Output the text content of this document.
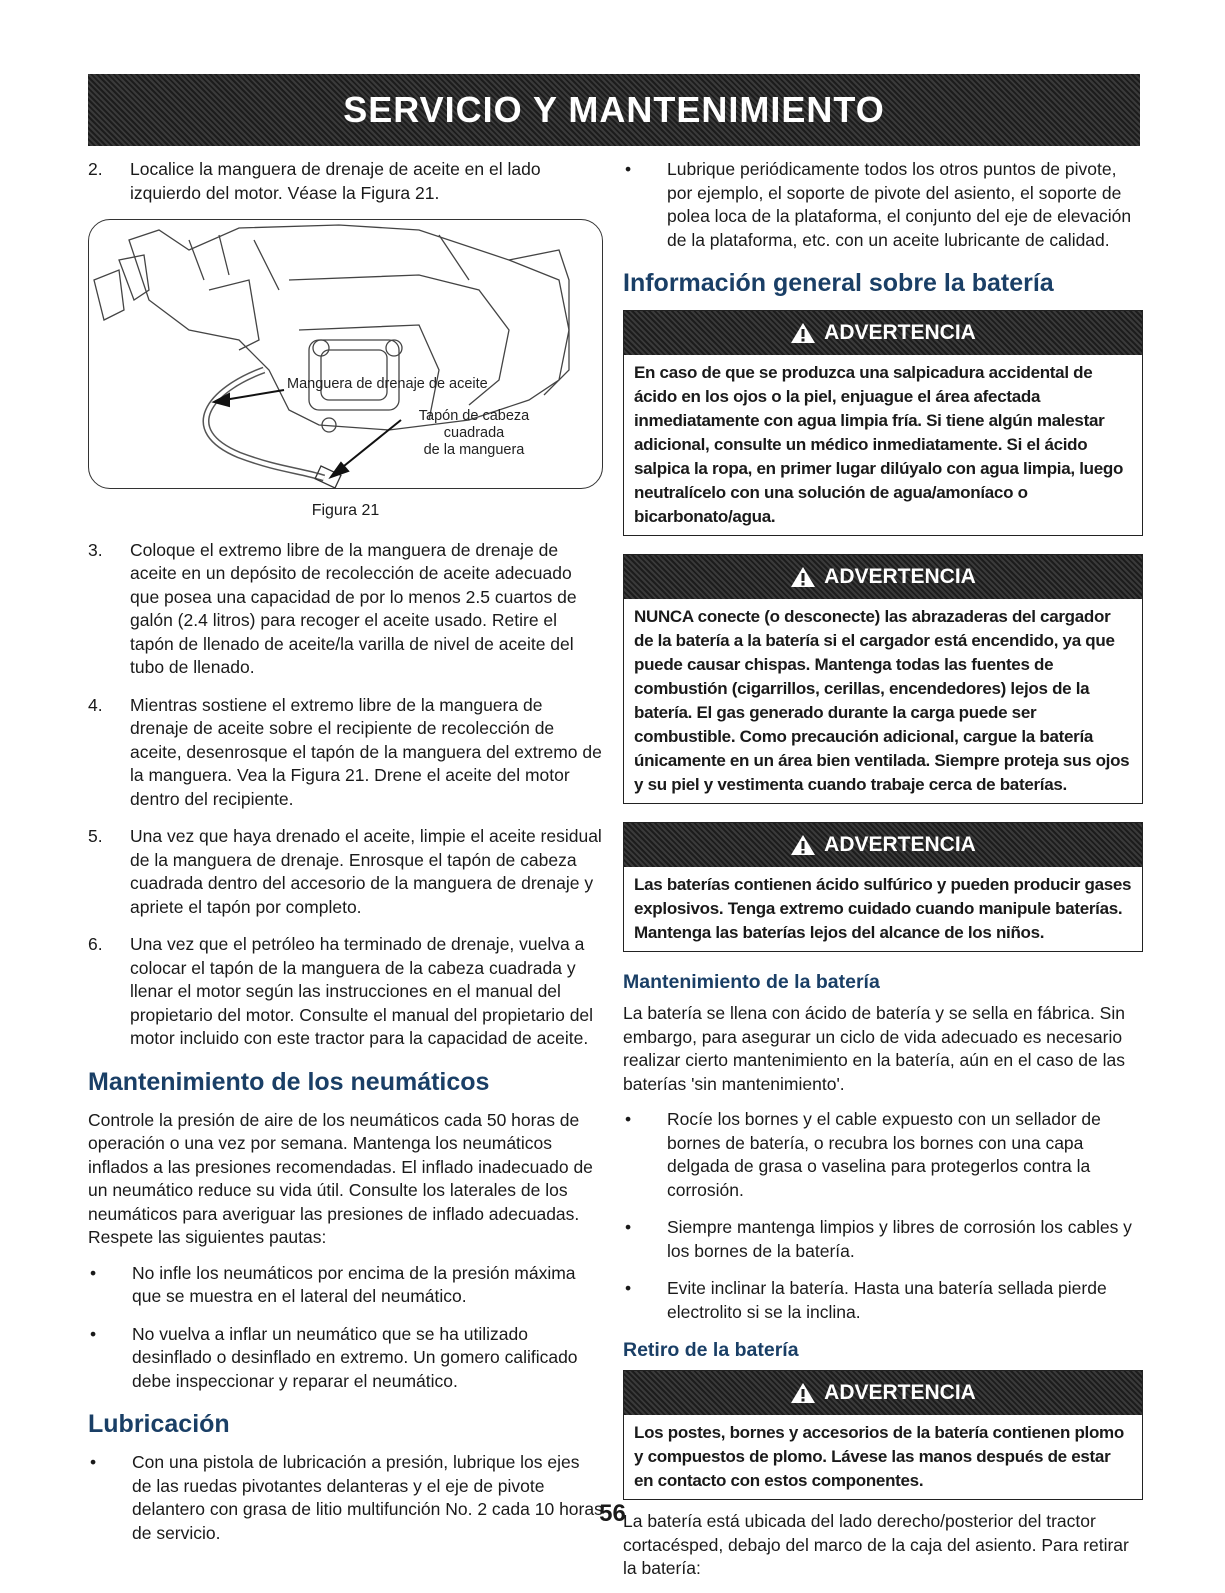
SERVICIO Y MANTENIMIENTO
2.	Localice la manguera de drenaje de aceite en el lado izquierdo del motor. Véase la Figura 21.
Manguera de drenaje de aceite
Tapón de cabeza cuadrada
de la manguera
Figura 21
3.	Coloque el extremo libre de la manguera de drenaje de aceite en un depósito de recolección de aceite adecuado que posea una capacidad de por lo menos 2.5 cuartos de galón (2.4 litros) para recoger el aceite usado. Retire el tapón de llenado de aceite/la varilla de nivel de aceite del tubo de llenado.
4.	Mientras sostiene el extremo libre de la manguera de drenaje de aceite sobre el recipiente de recolección de aceite, desenrosque el tapón de la manguera del extremo de la manguera. Vea la Figura 21. Drene el aceite del motor dentro del recipiente.
5.	Una vez que haya drenado el aceite, limpie el aceite residual de la manguera de drenaje. Enrosque el tapón de cabeza cuadrada dentro del accesorio de la manguera de drenaje y apriete el tapón por completo.
6.	Una vez que el petróleo ha terminado de drenaje, vuelva a colocar el tapón de la manguera de la cabeza cuadrada y llenar el motor según las instrucciones en el manual del propietario del motor. Consulte el manual del propietario del motor incluido con este tractor para la capacidad de aceite.
Mantenimiento de los neumáticos

Controle la presión de aire de los neumáticos cada 50 horas de operación o una vez por semana. Mantenga los neumáticos inflados a las presiones recomendadas. El inflado inadecuado de un neumático reduce su vida útil. Consulte los laterales de los neumáticos para averiguar las presiones de inflado adecuadas. Respete las siguientes pautas:

•	No infle los neumáticos por encima de la presión máxima que se muestra en el lateral del neumático.
•	No vuelva a inflar un neumático que se ha utilizado desinflado o desinflado en extremo. Un gomero calificado debe inspeccionar y reparar el neumático.
Lubricación
•	Con una pistola de lubricación a presión, lubrique los ejes de las ruedas pivotantes delanteras y el eje de pivote delantero con grasa de litio multifunción No. 2 cada 10 horas de servicio.
•	Lubrique periódicamente todos los otros puntos de pivote, por ejemplo, el soporte de pivote del asiento, el soporte de polea loca de la plataforma, el conjunto del eje de elevación de la plataforma, etc. con un aceite lubricante de calidad.
Información general sobre la batería
ADVERTENCIA
En caso de que se produzca una salpicadura accidental de ácido en los ojos o la piel, enjuague el área afectada inmediatamente con agua limpia fría. Si tiene algún malestar adicional, consulte un médico inmediatamente. Si el ácido salpica la ropa, en primer lugar dilúyalo con agua limpia, luego neutralícelo con una solución de agua/amoníaco o bicarbonato/agua.
ADVERTENCIA
NUNCA conecte (o desconecte) las abrazaderas del cargador de la batería a la batería si el cargador está encendido, ya que puede causar chispas. Mantenga todas las fuentes de combustión (cigarrillos, cerillas, encendedores) lejos de la batería. El gas generado durante la carga puede ser combustible. Como precaución adicional, cargue la batería únicamente en un área bien ventilada. Siempre proteja sus ojos y su piel y vestimenta cuando trabaje cerca de baterías.
ADVERTENCIA
Las baterías contienen ácido sulfúrico y pueden producir gases explosivos. Tenga extremo cuidado cuando manipule baterías. Mantenga las baterías lejos del alcance de los niños.
Mantenimiento de la batería

La batería se llena con ácido de batería y se sella en fábrica. Sin embargo, para asegurar un ciclo de vida adecuado es necesario realizar cierto mantenimiento en la batería, aún en el caso de las baterías 'sin mantenimiento'.

•	Rocíe los bornes y el cable expuesto con un sellador de bornes de batería, o recubra los bornes con una capa delgada de grasa o vaselina para protegerlos contra la corrosión.
•	Siempre mantenga limpios y libres de corrosión los cables y los bornes de la batería.
•	Evite inclinar la batería. Hasta una batería sellada pierde electrolito si se la inclina.
Retiro de la batería
ADVERTENCIA
Los postes, bornes y accesorios de la batería contienen plomo y compuestos de plomo. Lávese las manos después de estar en contacto con estos componentes.

La batería está ubicada del lado derecho/posterior del tractor cortacésped, debajo del marco de la caja del asiento. Para retirar la batería:

56
